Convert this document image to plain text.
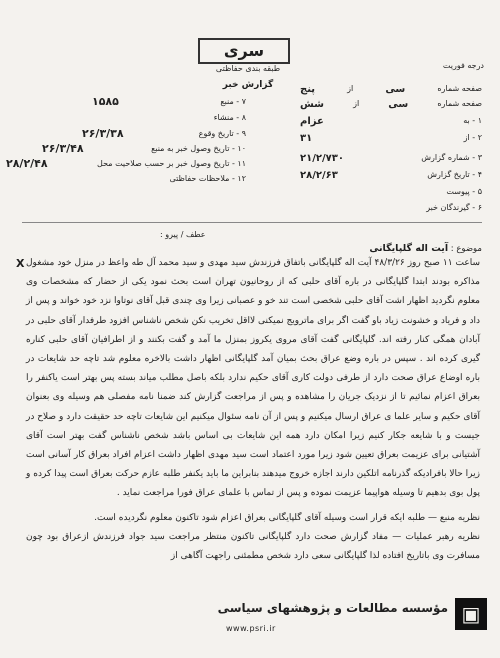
سری
طبقه بندی حفاظتی
گزارش خبر
درجه فوریت
صفحه شماره
سی
از
پنج
صفحه شماره
سی
از
شش
۱ - به
عزام
۲ - از
۳۱
۳ - شماره گزارش
۲۱/۲/۷۳۰
۴ - تاریخ گزارش
۲۸/۲/۶۳
۵ - پیوست
۶ - گیرندگان خبر
۷ - منبع
۱۵۸۵
۸ - منشاء
۹ - تاریخ وقوع
۲۶/۳/۳۸
۱۰ - تاریخ وصول خبر به منبع
۲۶/۳/۴۸
۱۱ - تاریخ وصول خبر بر حسب صلاحیت محل
۲۸/۲/۴۸
۱۲ - ملاحظات حفاظتی
عطف / پیرو :
موضوع : آیت اله گلپایگانی
X ساعت ۱۱ صبح روز ۴۸/۳/۲۶ آیت اله گلپایگانی باتفاق فرزندش سید مهدی و سید محمد آل طه واعظ در منزل خود مشغول مذاکره بودند ابتدا گلپایگانی در باره آقای حلبی که از روحانیون تهران است بحث نمود یکی از حضار که مشخصات وی معلوم نگردید اظهار اشت آقای حلبی شخصی است تند خو و عصبانی زیرا وی چندی قبل آقای نوتاوا نزد خود خواند و پس از داد و فریاد و خشونت زیاد باو گفت اگر برای ماترویج نمیکنی لااقل تخریب نکن شخص ناشناس افزود طرفدار آقای حلبی در آبادان همگی کنار رفته اند. گلپایگانی گفت آقای مروی یکروز بمنزل ما آمد و گفت بکنند و از اطرافیان آقای حلبی کناره گیری کرده اند . سپس در باره وضع عراق بحث بمیان آمد گلپایگانی اظهار داشت بالاخره معلوم شد تاچه حد شایعات در باره اوضاع عراق صحت دارد از طرفی دولت کاری آقای حکیم ندارد بلکه باصل مطلب میاند بسته پس بهتر است یاکنفر را بعراق اعزام نمائیم تا از نزدیک جریان را مشاهده و پس از مراجعت گزارش کند ضمنا نامه مفصلی هم وسیله وی بعنوان آقای حکیم و سایر علما ی عراق ارسال میکنیم و پس از آن نامه سئوال میکنیم این شایعات تاچه حد حقیقت دارد و صلاح در جیست و با شایعه جکار کنیم زیرا امکان دارد همه این شایعات بی اساس باشد شخص ناشناس گفت بهتر است آقای آشتیانی برای عزیمت بعراق تعیین شود زیرا مورد اعتماد است سید مهدی اظهار داشت اعزام افراد بعراق کار آسانی است زیرا حالا بافرادیکه گذرنامه اتلکین دارند اجازه خروج میدهند بنابراین ما باید یکنفر طلبه عازم حرکت بعراق است پیدا کرده و پول بوی بدهیم تا وسیله هواپیما عزیمت نموده و پس از تماس با علمای عراق فورا مراجعت نماید .

نظریه منبع — طلبه ایکه قرار است وسیله آقای گلپایگانی بعراق اعزام شود تاکنون معلوم نگردیده است.

نظریه رهبر عملیات — مفاد گزارش صحت دارد گلپایگانی تاکنون منتظر مراجعت سید جواد فرزندش ازعراق بود چون مسافرت وی باتاریخ افتاده لذا گلپایگانی سعی دارد شخص مطمئنی راجهت آگاهی از

▣
مؤسسه مطالعات و پژوهشهای سیاسی
www.psri.ir
